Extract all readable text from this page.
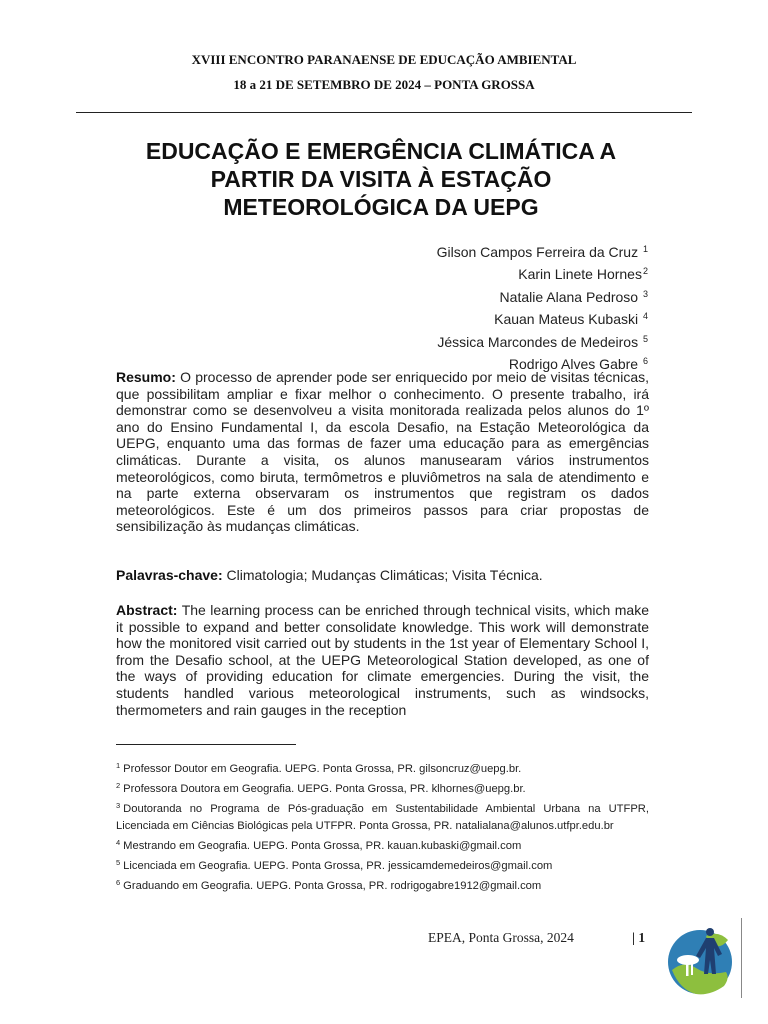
XVIII ENCONTRO PARANAENSE DE EDUCAÇÃO AMBIENTAL
18 a 21 DE SETEMBRO DE 2024 – PONTA GROSSA
EDUCAÇÃO E EMERGÊNCIA CLIMÁTICA A
PARTIR DA VISITA À ESTAÇÃO
METEOROLÓGICA DA UEPG
Gilson Campos Ferreira da Cruz $^1$
Karin Linete Hornes$^2$
Natalie Alana Pedroso $^3$
Kauan Mateus Kubaski $^4$
Jéssica Marcondes de Medeiros $^5$
Rodrigo Alves Gabre $^6$
Resumo: O processo de aprender pode ser enriquecido por meio de visitas técnicas, que possibilitam ampliar e fixar melhor o conhecimento. O presente trabalho, irá demonstrar como se desenvolveu a visita monitorada realizada pelos alunos do 1º ano do Ensino Fundamental I, da escola Desafio, na Estação Meteorológica da UEPG, enquanto uma das formas de fazer uma educação para as emergências climáticas. Durante a visita, os alunos manusearam vários instrumentos meteorológicos, como biruta, termômetros e pluviômetros na sala de atendimento e na parte externa observaram os instrumentos que registram os dados meteorológicos. Este é um dos primeiros passos para criar propostas de sensibilização às mudanças climáticas.
Palavras-chave: Climatologia; Mudanças Climáticas; Visita Técnica.
Abstract: The learning process can be enriched through technical visits, which make it possible to expand and better consolidate knowledge. This work will demonstrate how the monitored visit carried out by students in the 1st year of Elementary School I, from the Desafio school, at the UEPG Meteorological Station developed, as one of the ways of providing education for climate emergencies. During the visit, the students handled various meteorological instruments, such as windsocks, thermometers and rain gauges in the reception
$^1$ Professor Doutor em Geografia. UEPG. Ponta Grossa, PR. gilsoncruz@uepg.br.
$^2$ Professora Doutora em Geografia. UEPG. Ponta Grossa, PR. klhornes@uepg.br.
$^3$ Doutoranda no Programa de Pós-graduação em Sustentabilidade Ambiental Urbana na UTFPR, Licenciada em Ciências Biológicas pela UTFPR. Ponta Grossa, PR. natalialana@alunos.utfpr.edu.br
$^4$ Mestrando em Geografia. UEPG. Ponta Grossa, PR. kauan.kubaski@gmail.com
$^5$ Licenciada em Geografia. UEPG. Ponta Grossa, PR. jessicamdemedeiros@gmail.com
$^6$ Graduando em Geografia. UEPG. Ponta Grossa, PR. rodrigogabre1912@gmail.com
EPEA, Ponta Grossa, 2024	| 1
